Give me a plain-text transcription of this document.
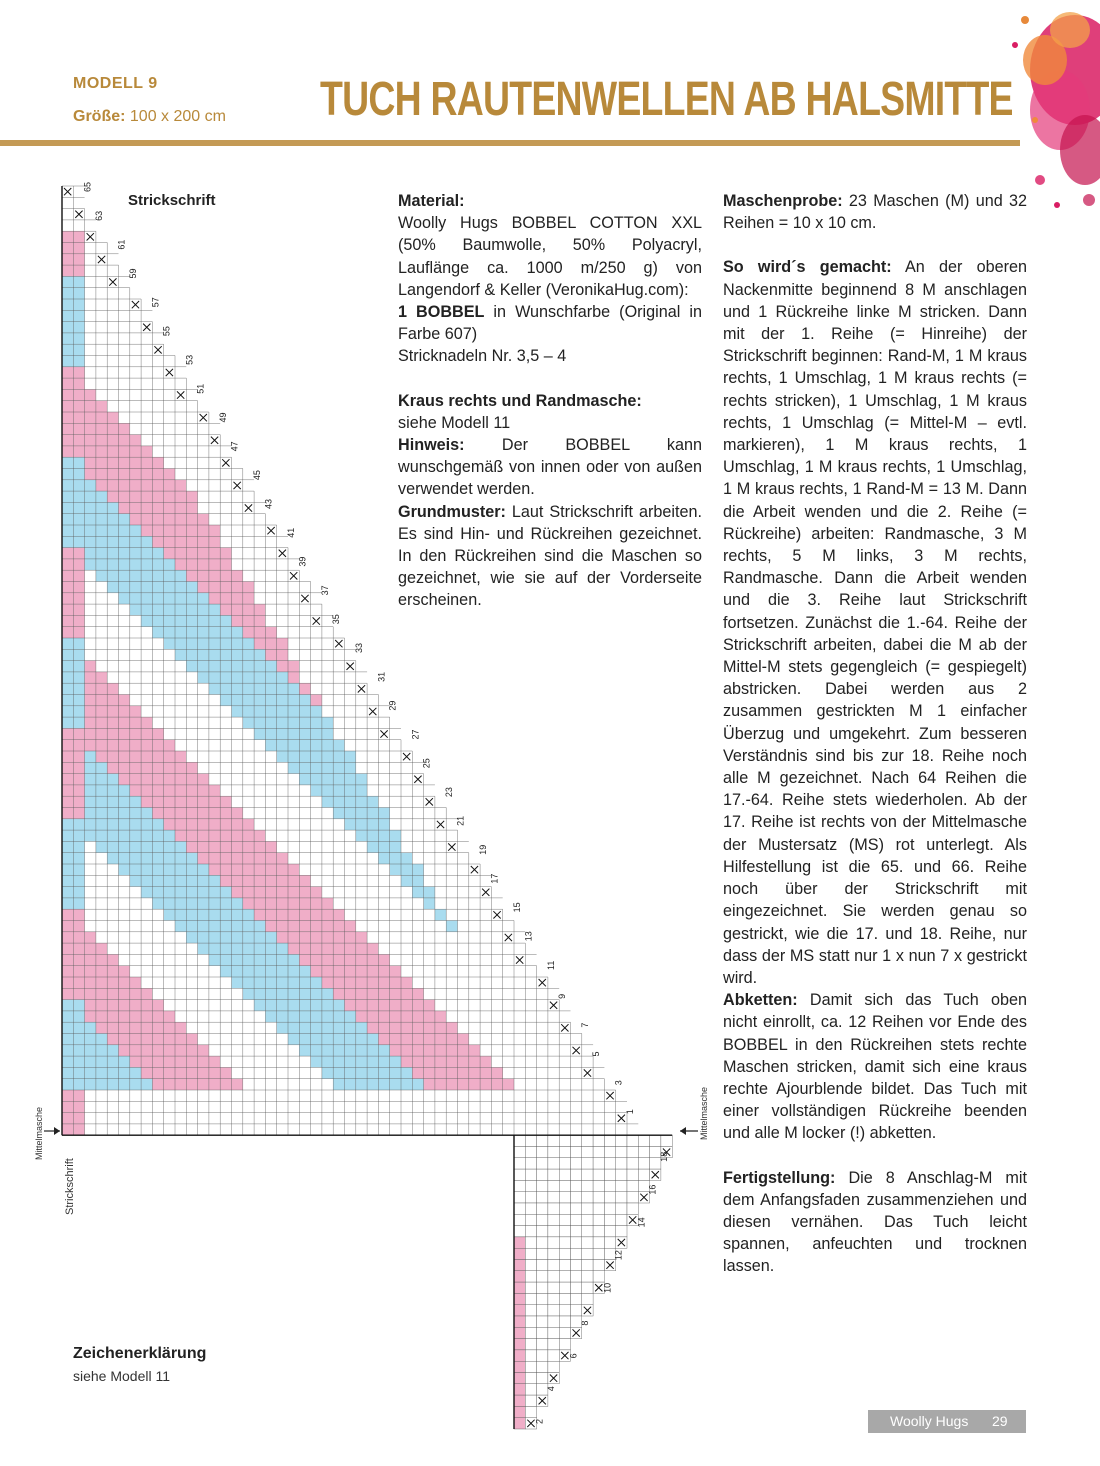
MODELL 9
Größe: 100 x 200 cm TUCH RAUTENWELLEN AB HALSMITTE
Strickschrift
65
63
61
59
57
55
53
51
49
47
45
43
41
39
37
35
33
31
29
27
25
23
21
19
17
15
13
11
9
7
5
3
1
2
4
6
8
10
12
14
16
18
Mittelmasche	Mittelmasche
Strickschrift

Material:

Woolly Hugs BOBBEL COTTON XXL (50% Baumwolle, 50% Polyacryl, Lauflänge ca. 1000 m/250 g) von Langendorf & Keller (VeronikaHug.com):

1 BOBBEL in Wunschfarbe (Original in Farbe 607)

Stricknadeln Nr. 3,5 – 4

Kraus rechts und Randmasche:

siehe Modell 11

Hinweis: Der BOBBEL kann wunschgemäß von innen oder von außen verwendet werden.

Grundmuster: Laut Strickschrift arbeiten. Es sind Hin- und Rückreihen gezeichnet. In den Rückreihen sind die Maschen so gezeichnet, wie sie auf der Vorderseite erscheinen.

Maschenprobe: 23 Maschen (M) und 32 Reihen = 10 x 10 cm.

So wird´s gemacht: An der oberen Nackenmitte beginnend 8 M anschlagen und 1 Rückreihe linke M stricken. Dann mit der 1. Reihe (= Hinreihe) der Strickschrift beginnen: Rand-M, 1 M kraus rechts, 1 Umschlag, 1 M kraus rechts (= rechts stricken), 1 Umschlag, 1 M kraus rechts, 1 Umschlag (= Mittel-M – evtl. markieren), 1 M kraus rechts, 1 Umschlag, 1 M kraus rechts, 1 Umschlag, 1 M kraus rechts, 1 Rand-M = 13 M. Dann die Arbeit wenden und die 2. Reihe (= Rückreihe) arbeiten: Randmasche, 3 M rechts, 5 M links, 3 M rechts, Randmasche. Dann die Arbeit wenden und die 3. Reihe laut Strickschrift fortsetzen. Zunächst die 1.-64. Reihe der Strickschrift arbeiten, dabei die M ab der Mittel-M stets gegengleich (= gespiegelt) abstricken. Dabei werden aus 2 zusammen gestrickten M 1 einfacher Überzug und umgekehrt. Zum besseren Verständnis sind bis zur 18. Reihe noch alle M gezeichnet. Nach 64 Reihen die 17.-64. Reihe stets wiederholen. Ab der 17. Reihe ist rechts von der Mittelmasche der Mustersatz (MS) rot unterlegt. Als Hilfestellung ist die 65. und 66. Reihe noch über der Strickschrift mit eingezeichnet. Sie werden genau so gestrickt, wie die 17. und 18. Reihe, nur dass der MS statt nur 1 x nun 7 x gestrickt wird.

Abketten: Damit sich das Tuch oben nicht einrollt, ca. 12 Reihen vor Ende des BOBBEL in den Rückreihen stets rechte Maschen stricken, damit sich eine kraus rechte Ajourblende bildet. Das Tuch mit einer vollständigen Rückreihe beenden und alle M locker (!) abketten.

Fertigstellung: Die 8 Anschlag-M mit dem Anfangsfaden zusammenziehen und diesen vernähen. Das Tuch leicht spannen, anfeuchten und trocknen lassen.

Zeichenerklärung
siehe Modell 11
Woolly Hugs 29
